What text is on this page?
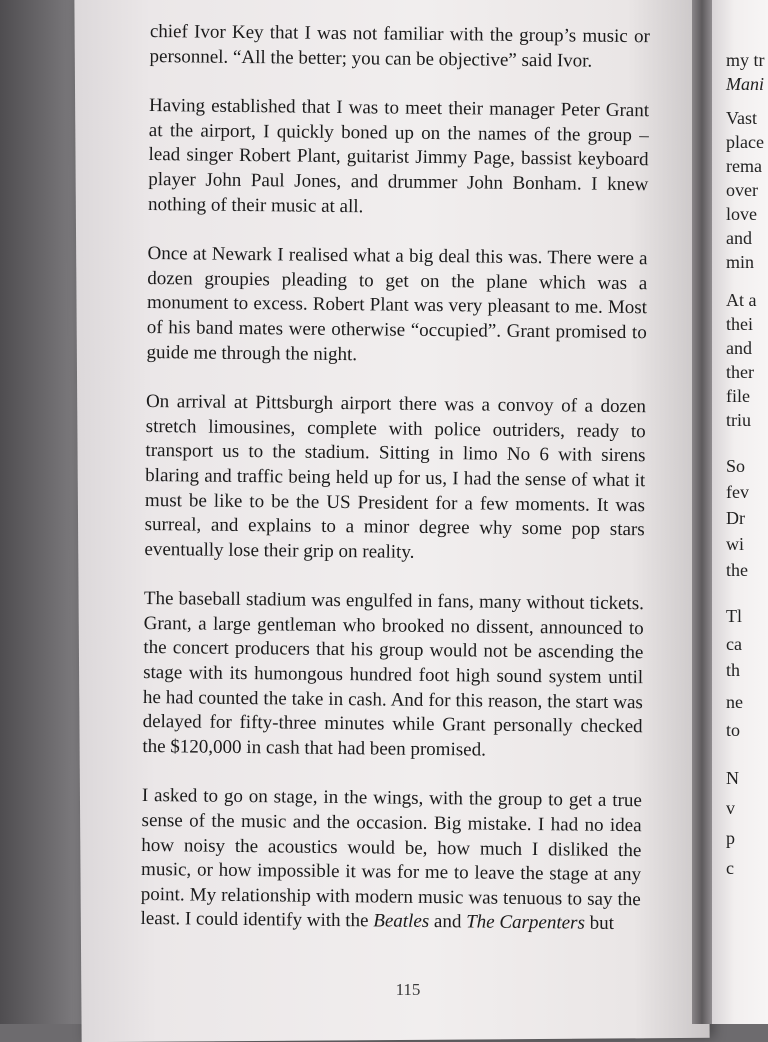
chief Ivor Key that I was not familiar with the group’s music or personnel. “All the better; you can be objective” said Ivor.

Having established that I was to meet their manager Peter Grant at the airport, I quickly boned up on the names of the group – lead singer Robert Plant, guitarist Jimmy Page, bassist keyboard player John Paul Jones, and drummer John Bonham. I knew nothing of their music at all.

Once at Newark I realised what a big deal this was. There were a dozen groupies pleading to get on the plane which was a monument to excess. Robert Plant was very pleasant to me. Most of his band mates were otherwise “occupied”. Grant promised to guide me through the night.

On arrival at Pittsburgh airport there was a convoy of a dozen stretch limousines, complete with police outriders, ready to transport us to the stadium. Sitting in limo No 6 with sirens blaring and traffic being held up for us, I had the sense of what it must be like to be the US President for a few moments. It was surreal, and explains to a minor degree why some pop stars eventually lose their grip on reality.

The baseball stadium was engulfed in fans, many without tickets. Grant, a large gentleman who brooked no dissent, announced to the concert producers that his group would not be ascending the stage with its humongous hundred foot high sound system until he had counted the take in cash. And for this reason, the start was delayed for fifty-three minutes while Grant personally checked the $120,000 in cash that had been promised.

I asked to go on stage, in the wings, with the group to get a true sense of the music and the occasion. Big mistake. I had no idea how noisy the acoustics would be, how much I disliked the music, or how impossible it was for me to leave the stage at any point. My relationship with modern music was tenuous to say the least. I could identify with the Beatles and The Carpenters but

115
my tr
Mani
Vast
place
rema
over
love
and
min
At a
thei
and
ther
file
triu
So
fev
Dr
wi
the
Tl
ca
th
ne
to
N
v
p
c
